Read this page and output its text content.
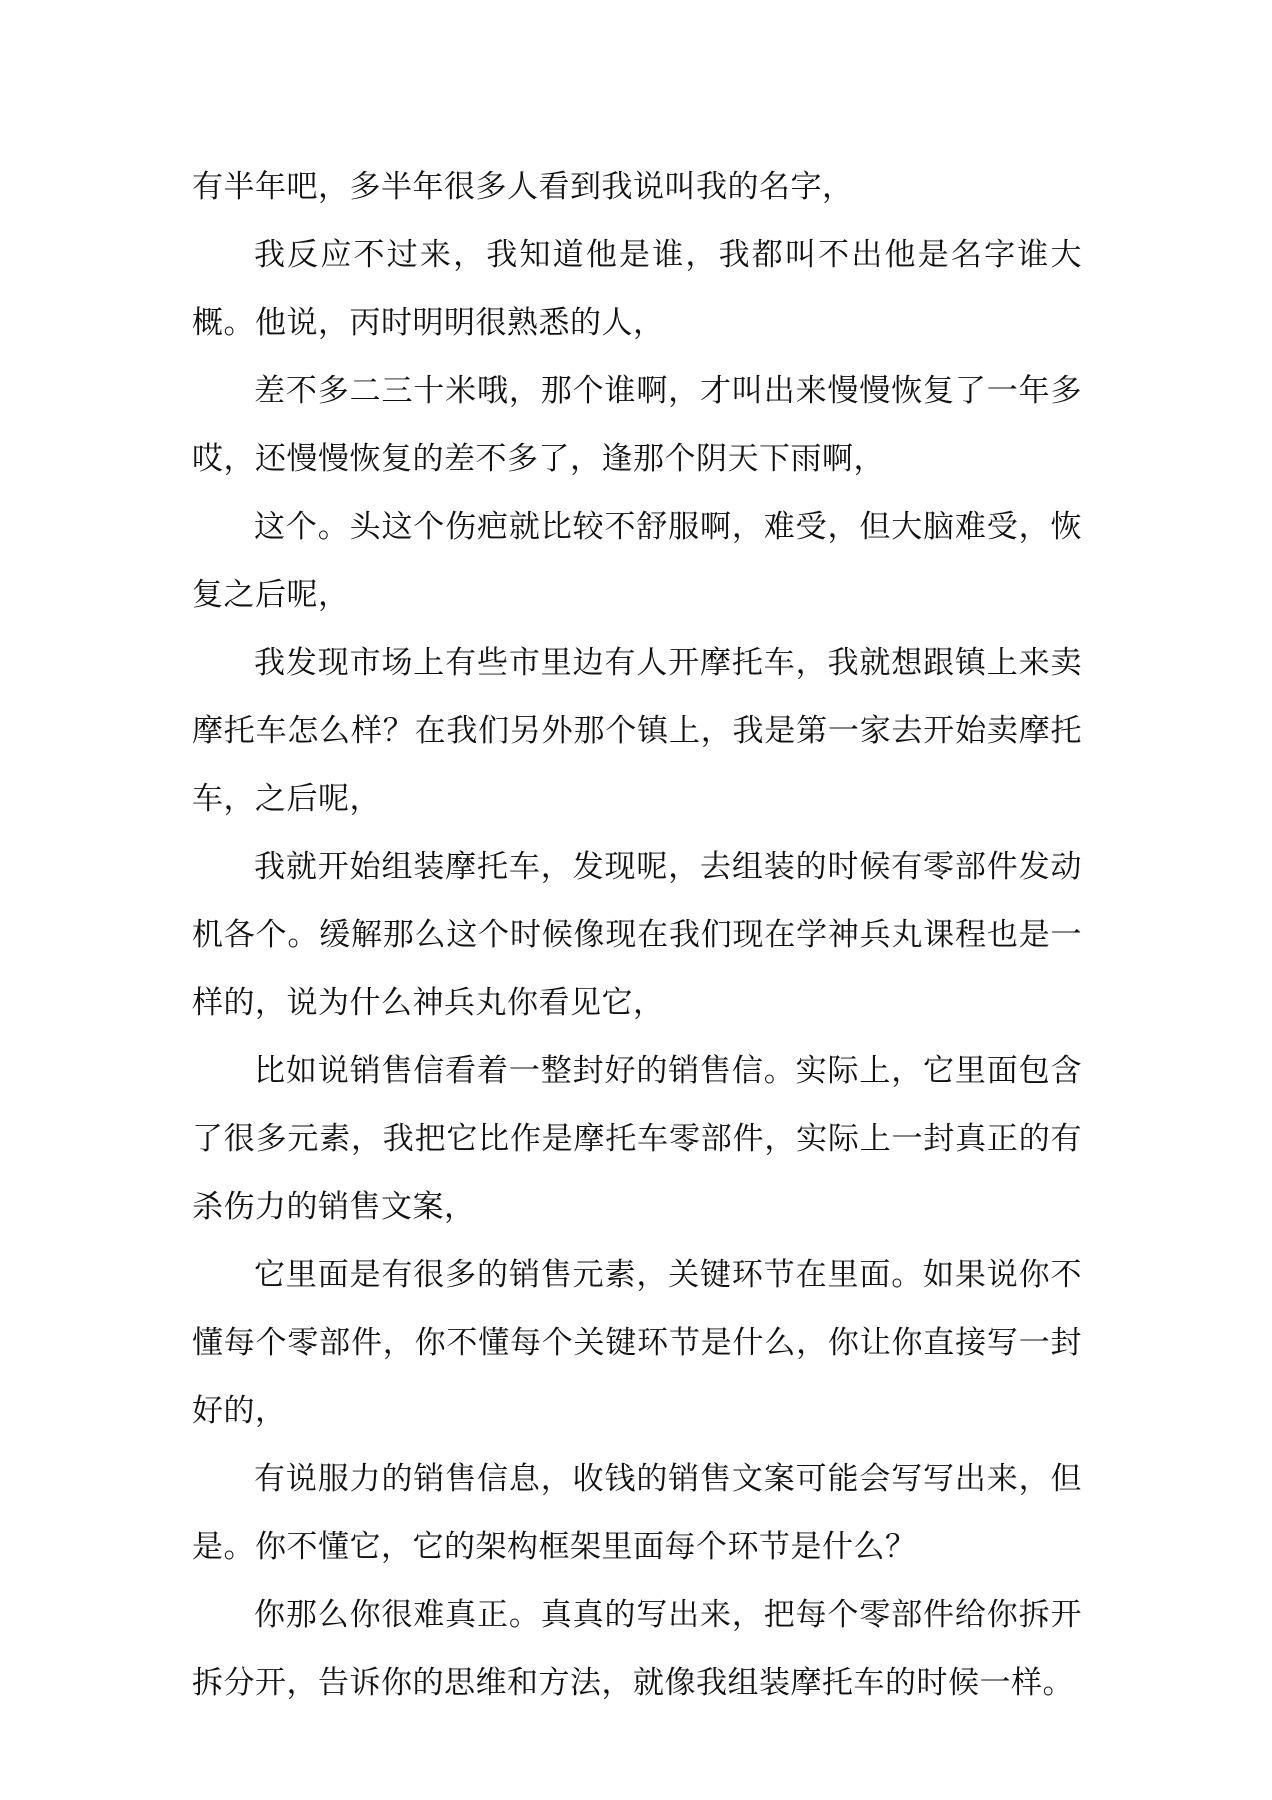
有半年吧，多半年很多人看到我说叫我的名字，

我反应不过来，我知道他是谁，我都叫不出他是名字谁大概。他说，丙时明明很熟悉的人，

差不多二三十米哦，那个谁啊，才叫出来慢慢恢复了一年多哎，还慢慢恢复的差不多了，逢那个阴天下雨啊，

这个。头这个伤疤就比较不舒服啊，难受，但大脑难受，恢复之后呢，

我发现市场上有些市里边有人开摩托车，我就想跟镇上来卖摩托车怎么样？在我们另外那个镇上，我是第一家去开始卖摩托车，之后呢，

我就开始组装摩托车，发现呢，去组装的时候有零部件发动机各个。缓解那么这个时候像现在我们现在学神兵丸课程也是一样的，说为什么神兵丸你看见它，

比如说销售信看着一整封好的销售信。实际上，它里面包含了很多元素，我把它比作是摩托车零部件，实际上一封真正的有杀伤力的销售文案，

它里面是有很多的销售元素，关键环节在里面。如果说你不懂每个零部件，你不懂每个关键环节是什么，你让你直接写一封好的，

有说服力的销售信息，收钱的销售文案可能会写写出来，但是。你不懂它，它的架构框架里面每个环节是什么？

你那么你很难真正。真真的写出来，把每个零部件给你拆开拆分开，告诉你的思维和方法，就像我组装摩托车的时候一样。
